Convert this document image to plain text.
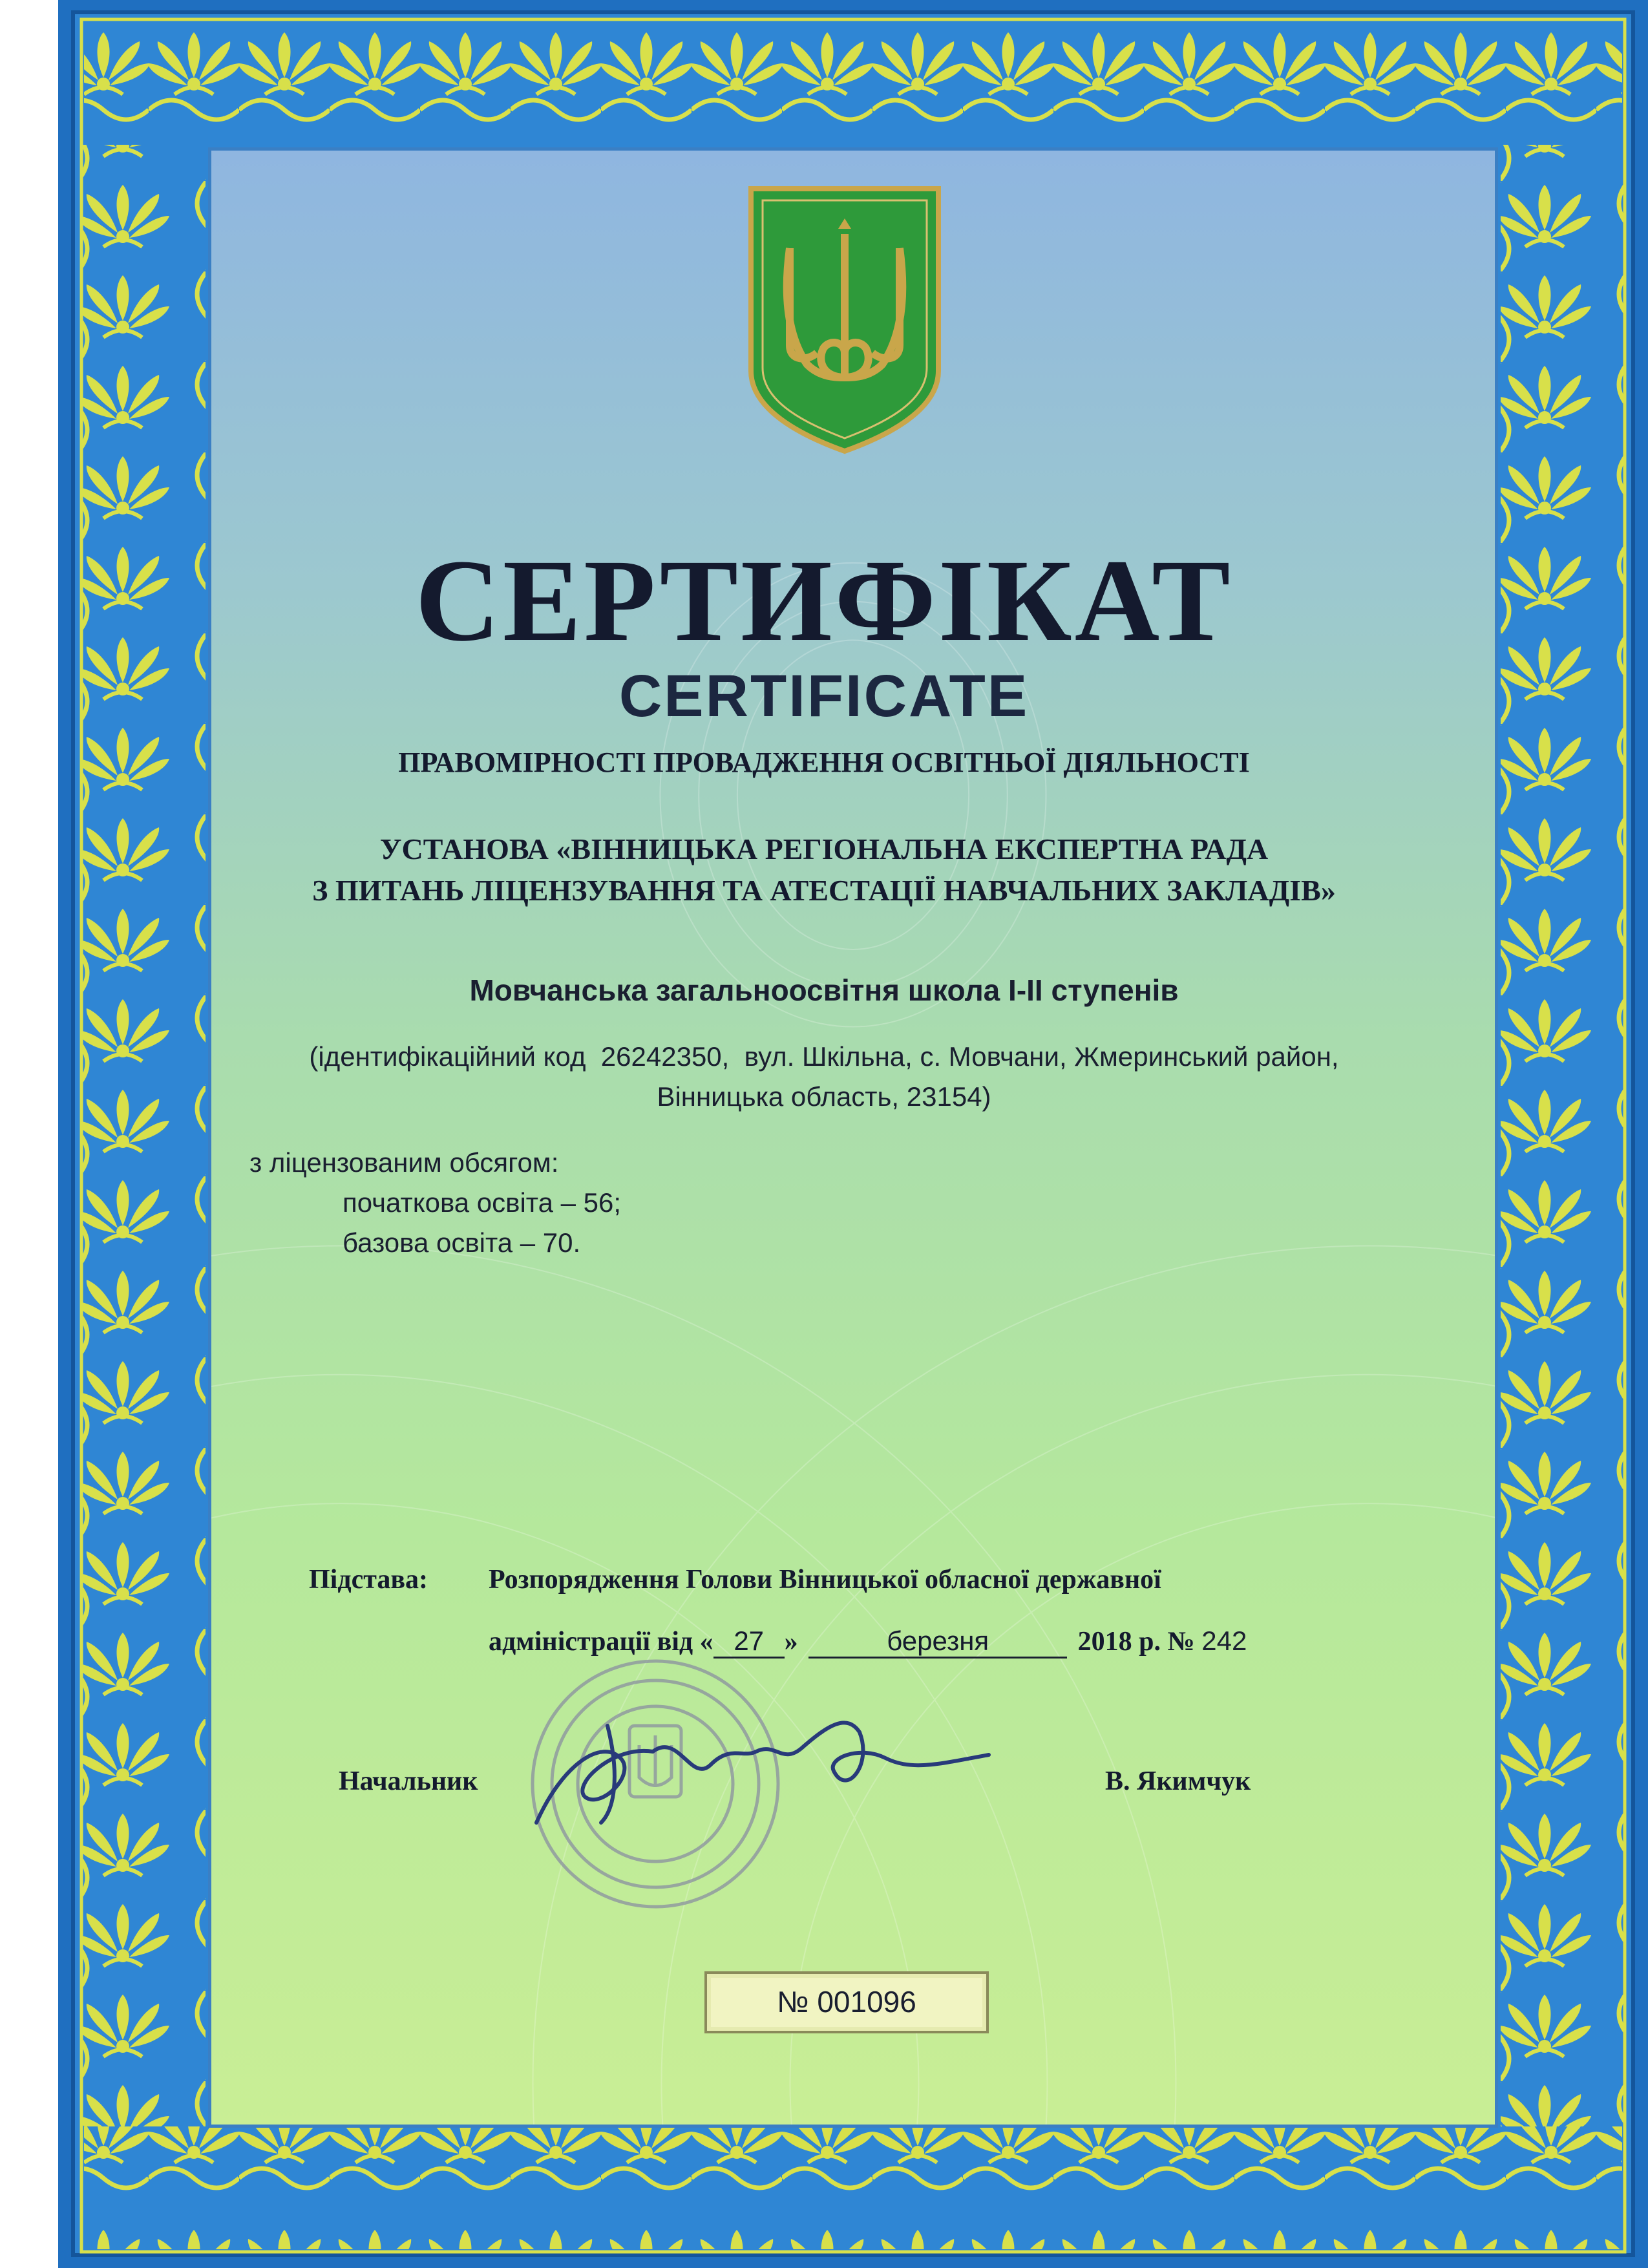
СЕРТИФІКАТ
CERTIFICATE
ПРАВОМІРНОСТІ ПРОВАДЖЕННЯ ОСВІТНЬОЇ ДІЯЛЬНОСТІ
УСТАНОВА «ВІННИЦЬКА РЕГІОНАЛЬНА ЕКСПЕРТНА РАДА
З ПИТАНЬ ЛІЦЕНЗУВАННЯ ТА АТЕСТАЦІЇ НАВЧАЛЬНИХ ЗАКЛАДІВ»
Мовчанська загальноосвітня школа І-ІІ ступенів
(ідентифікаційний код  26242350,  вул. Шкільна, с. Мовчани, Жмеринський район,
Вінницька область, 23154)
з ліцензованим обсягом:
початкова освіта – 56;
базова освіта – 70.
Підстава: Розпорядження Голови Вінницької обласної державної
адміністрації від « 27 »	березня	2018 р. № 242
Начальник	В. Якимчук
№ 001096
